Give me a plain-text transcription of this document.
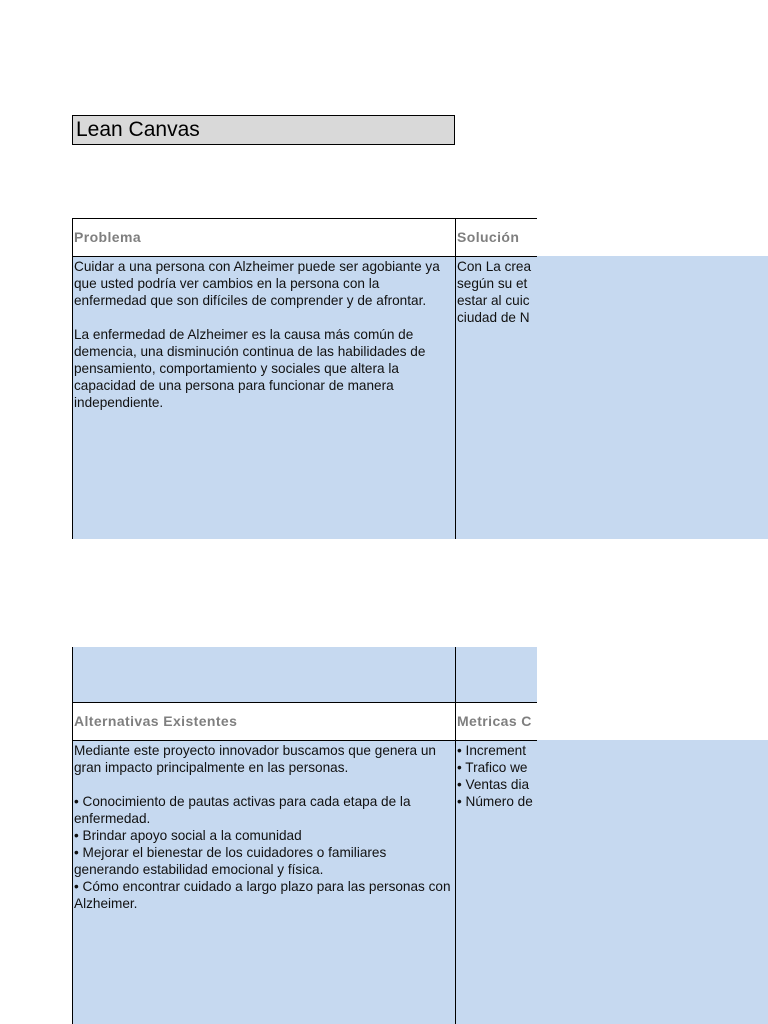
Lean Canvas
Problema	Solución
Cuidar a una persona con Alzheimer puede ser agobiante ya que usted podría ver cambios en la persona con la enfermedad que son difíciles de comprender y de afrontar.

La enfermedad de Alzheimer es la causa más común de demencia, una disminución continua de las habilidades de pensamiento, comportamiento y sociales que altera la capacidad de una persona para funcionar de manera independiente.
Con La crea
según su et
estar al cuic
ciudad de N
Alternativas Existentes	Metricas C
Mediante este proyecto innovador buscamos que genera un gran impacto principalmente en las personas.

• Conocimiento de pautas activas para cada etapa de la enfermedad.
• Brindar apoyo social a la comunidad
• Mejorar el bienestar de los cuidadores o familiares generando estabilidad emocional y física.
• Cómo encontrar cuidado a largo plazo para las personas con Alzheimer.
• Increment
• Trafico we
• Ventas dia
• Número de
